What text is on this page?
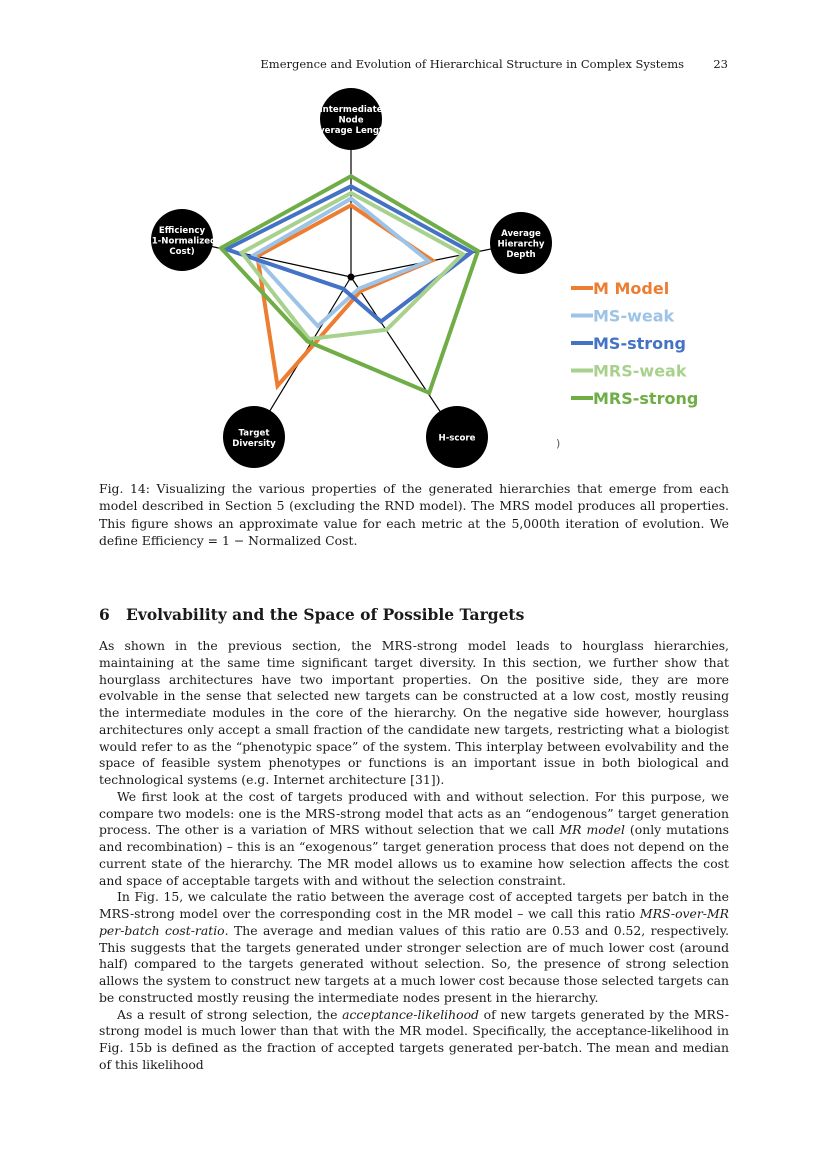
Emergence and Evolution of Hierarchical Structure in Complex Systems	23
Intermediate
Node
Average Length
Average
Hierarchy
Depth
H-score
Target
Diversity
Efficiency
(1-Normalized
Cost)
M Model
MS-weak
MS-strong
MRS-weak
MRS-strong
)
Fig. 14: Visualizing the various properties of the generated hierarchies that emerge from each model described in Section 5 (excluding the RND model). The MRS model produces all properties. This figure shows an approximate value for each metric at the 5,000th iteration of evolution. We define Efficiency = 1 − Normalized Cost.
6 Evolvability and the Space of Possible Targets

As shown in the previous section, the MRS-strong model leads to hourglass hierarchies, maintaining at the same time significant target diversity. In this section, we further show that hourglass architectures have two important properties. On the positive side, they are more evolvable in the sense that selected new targets can be constructed at a low cost, mostly reusing the intermediate modules in the core of the hierarchy. On the negative side however, hourglass architectures only accept a small fraction of the candidate new targets, restricting what a biologist would refer to as the “phenotypic space” of the system. This interplay between evolvability and the space of feasible system phenotypes or functions is an important issue in both biological and technological systems (e.g. Internet architecture [31]).

We first look at the cost of targets produced with and without selection. For this purpose, we compare two models: one is the MRS-strong model that acts as an “endogenous” target generation process. The other is a variation of MRS without selection that we call MR model (only mutations and recombination) – this is an “exogenous” target generation process that does not depend on the current state of the hierarchy. The MR model allows us to examine how selection affects the cost and space of acceptable targets with and without the selection constraint.

In Fig. 15, we calculate the ratio between the average cost of accepted targets per batch in the MRS-strong model over the corresponding cost in the MR model – we call this ratio MRS-over-MR per-batch cost-ratio. The average and median values of this ratio are 0.53 and 0.52, respectively. This suggests that the targets generated under stronger selection are of much lower cost (around half) compared to the targets generated without selection. So, the presence of strong selection allows the system to construct new targets at a much lower cost because those selected targets can be constructed mostly reusing the intermediate nodes present in the hierarchy.

As a result of strong selection, the acceptance-likelihood of new targets generated by the MRS-strong model is much lower than that with the MR model. Specifically, the acceptance-likelihood in Fig. 15b is defined as the fraction of accepted targets generated per-batch. The mean and median of this likelihood
